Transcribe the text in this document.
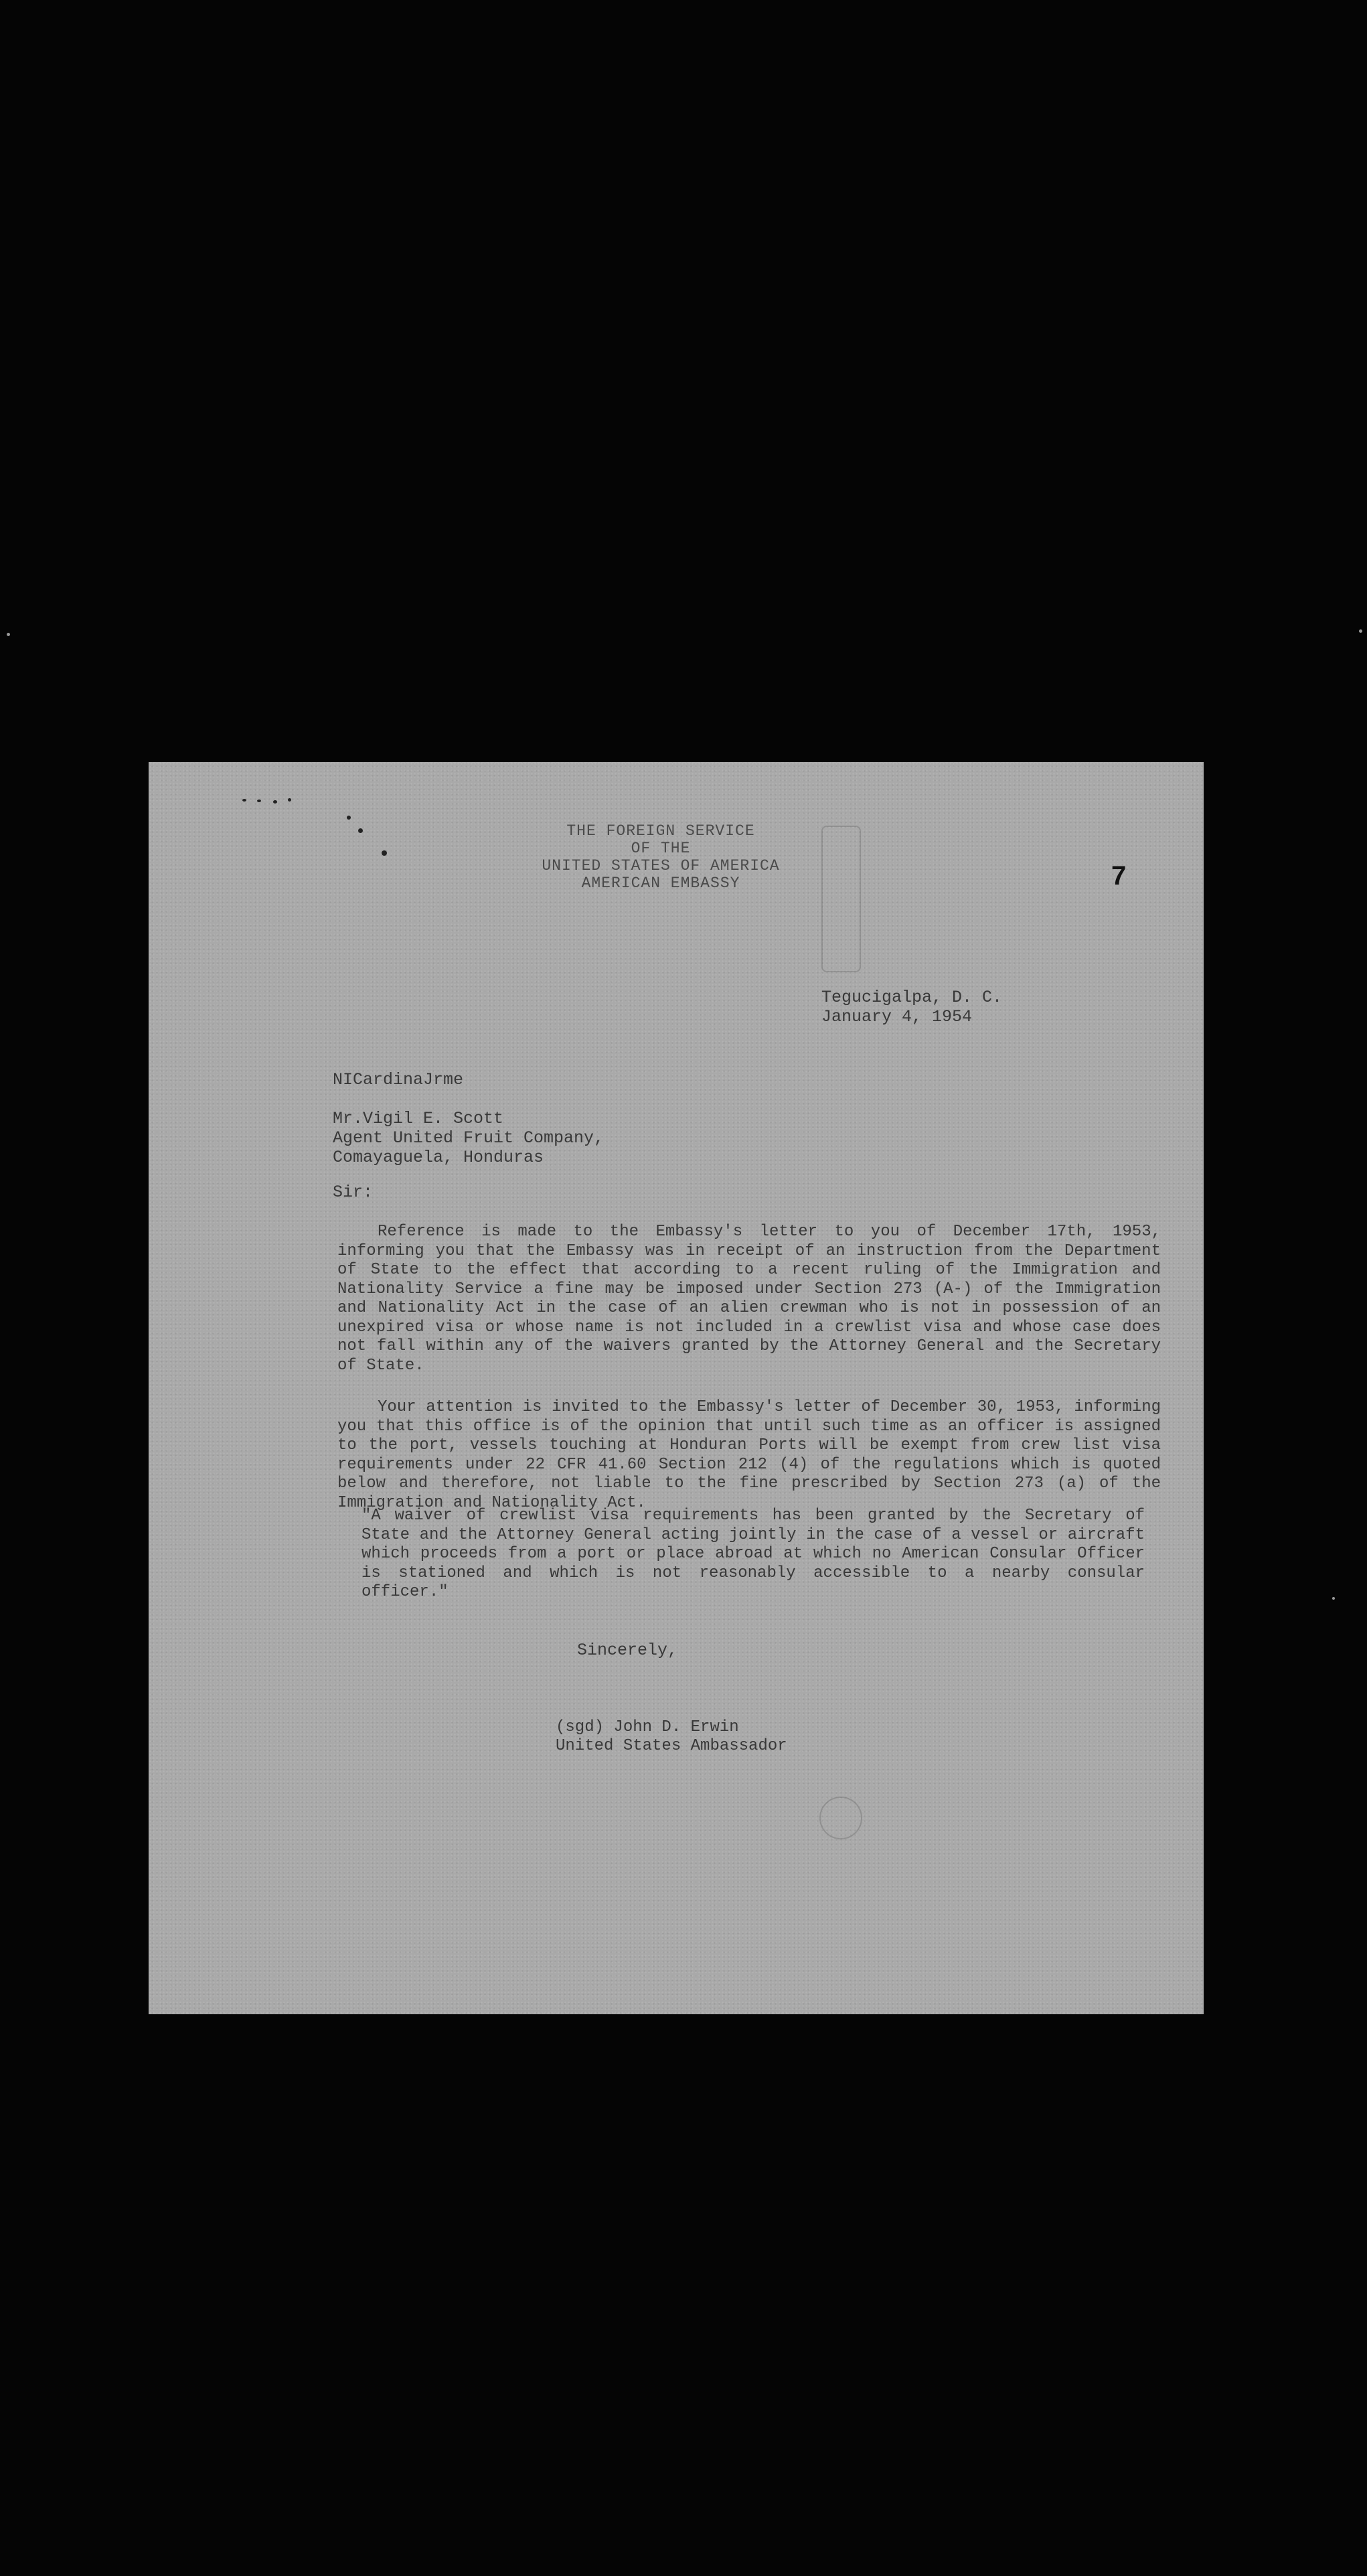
THE FOREIGN SERVICE
OF THE
UNITED STATES OF AMERICA
AMERICAN EMBASSY	7
Tegucigalpa, D. C.
January 4, 1954
NICardinaJrme
Mr.Vigil E. Scott
Agent United Fruit Company,
Comayaguela, Honduras
Sir:

Reference is made to the Embassy's letter to you of December 17th, 1953, informing you that the Embassy was in receipt of an instruction from the Department of State to the effect that according to a recent ruling of the Immigration and Nationality Service a fine may be imposed under Section 273 (A-) of the Immigration and Nationality Act in the case of an alien crewman who is not in possession of an unexpired visa or whose name is not included in a crewlist visa and whose case does not fall within any of the waivers granted by the Attorney General and the Secretary of State.

Your attention is invited to the Embassy's letter of December 30, 1953, informing you that this office is of the opinion that until such time as an officer is assigned to the port, vessels touching at Honduran Ports will be exempt from crew list visa requirements under 22 CFR 41.60 Section 212 (4) of the regulations which is quoted below and therefore, not liable to the fine prescribed by Section 273 (a) of the Immigration and Nationality Act.

"A waiver of crewlist visa requirements has been granted by the Secretary of State and the Attorney General acting jointly in the case of a vessel or aircraft which proceeds from a port or place abroad at which no American Consular Officer is stationed and which is not reasonably accessible to a nearby consular officer."

Sincerely,
(sgd) John D. Erwin
United States Ambassador
